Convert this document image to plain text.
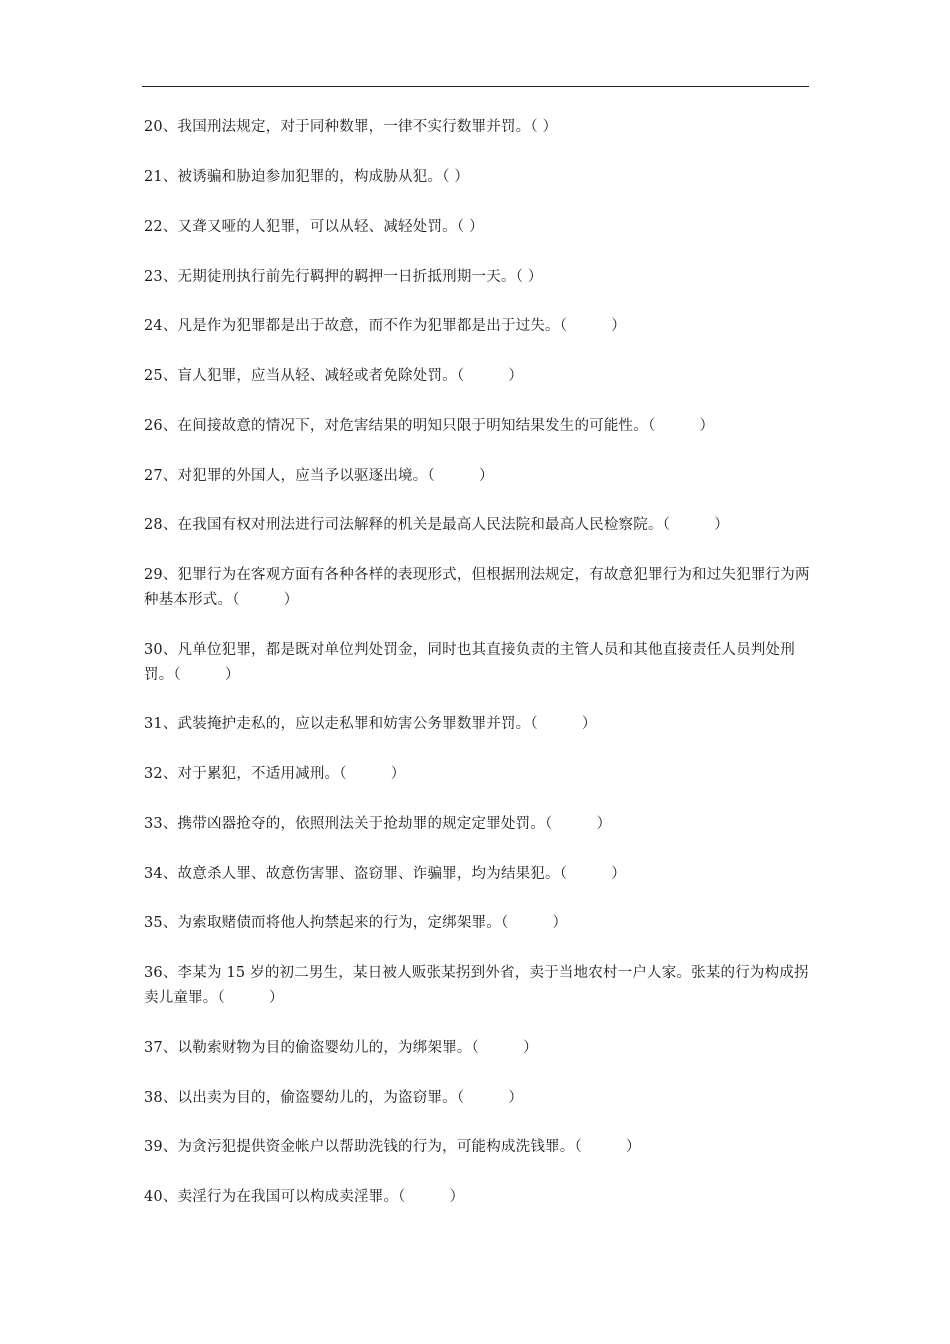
20、我国刑法规定，对于同种数罪，一律不实行数罪并罚。（ ）
21、被诱骗和胁迫参加犯罪的，构成胁从犯。（ ）
22、又聋又哑的人犯罪，可以从轻、减轻处罚。（ ）
23、无期徒刑执行前先行羁押的羁押一日折抵刑期一天。（ ）
24、凡是作为犯罪都是出于故意，而不作为犯罪都是出于过失。（　　　）
25、盲人犯罪，应当从轻、减轻或者免除处罚。（　　　）
26、在间接故意的情况下，对危害结果的明知只限于明知结果发生的可能性。（　　　）
27、对犯罪的外国人，应当予以驱逐出境。（　　　）
28、在我国有权对刑法进行司法解释的机关是最高人民法院和最高人民检察院。（　　　）
29、犯罪行为在客观方面有各种各样的表现形式，但根据刑法规定，有故意犯罪行为和过失犯罪行为两种基本形式。（　　　）
30、凡单位犯罪，都是既对单位判处罚金，同时也其直接负责的主管人员和其他直接责任人员判处刑罚。（　　　）
31、武装掩护走私的，应以走私罪和妨害公务罪数罪并罚。（　　　）
32、对于累犯，不适用减刑。（　　　）
33、携带凶器抢夺的，依照刑法关于抢劫罪的规定定罪处罚。（　　　）
34、故意杀人罪、故意伤害罪、盗窃罪、诈骗罪，均为结果犯。（　　　）
35、为索取赌债而将他人拘禁起来的行为，定绑架罪。（　　　）
36、李某为 15 岁的初二男生，某日被人贩张某拐到外省，卖于当地农村一户人家。张某的行为构成拐卖儿童罪。（　　　）
37、以勒索财物为目的偷盗婴幼儿的，为绑架罪。（　　　）
38、以出卖为目的，偷盗婴幼儿的，为盗窃罪。（　　　）
39、为贪污犯提供资金帐户以帮助洗钱的行为，可能构成洗钱罪。（　　　）
40、卖淫行为在我国可以构成卖淫罪。（　　　）
